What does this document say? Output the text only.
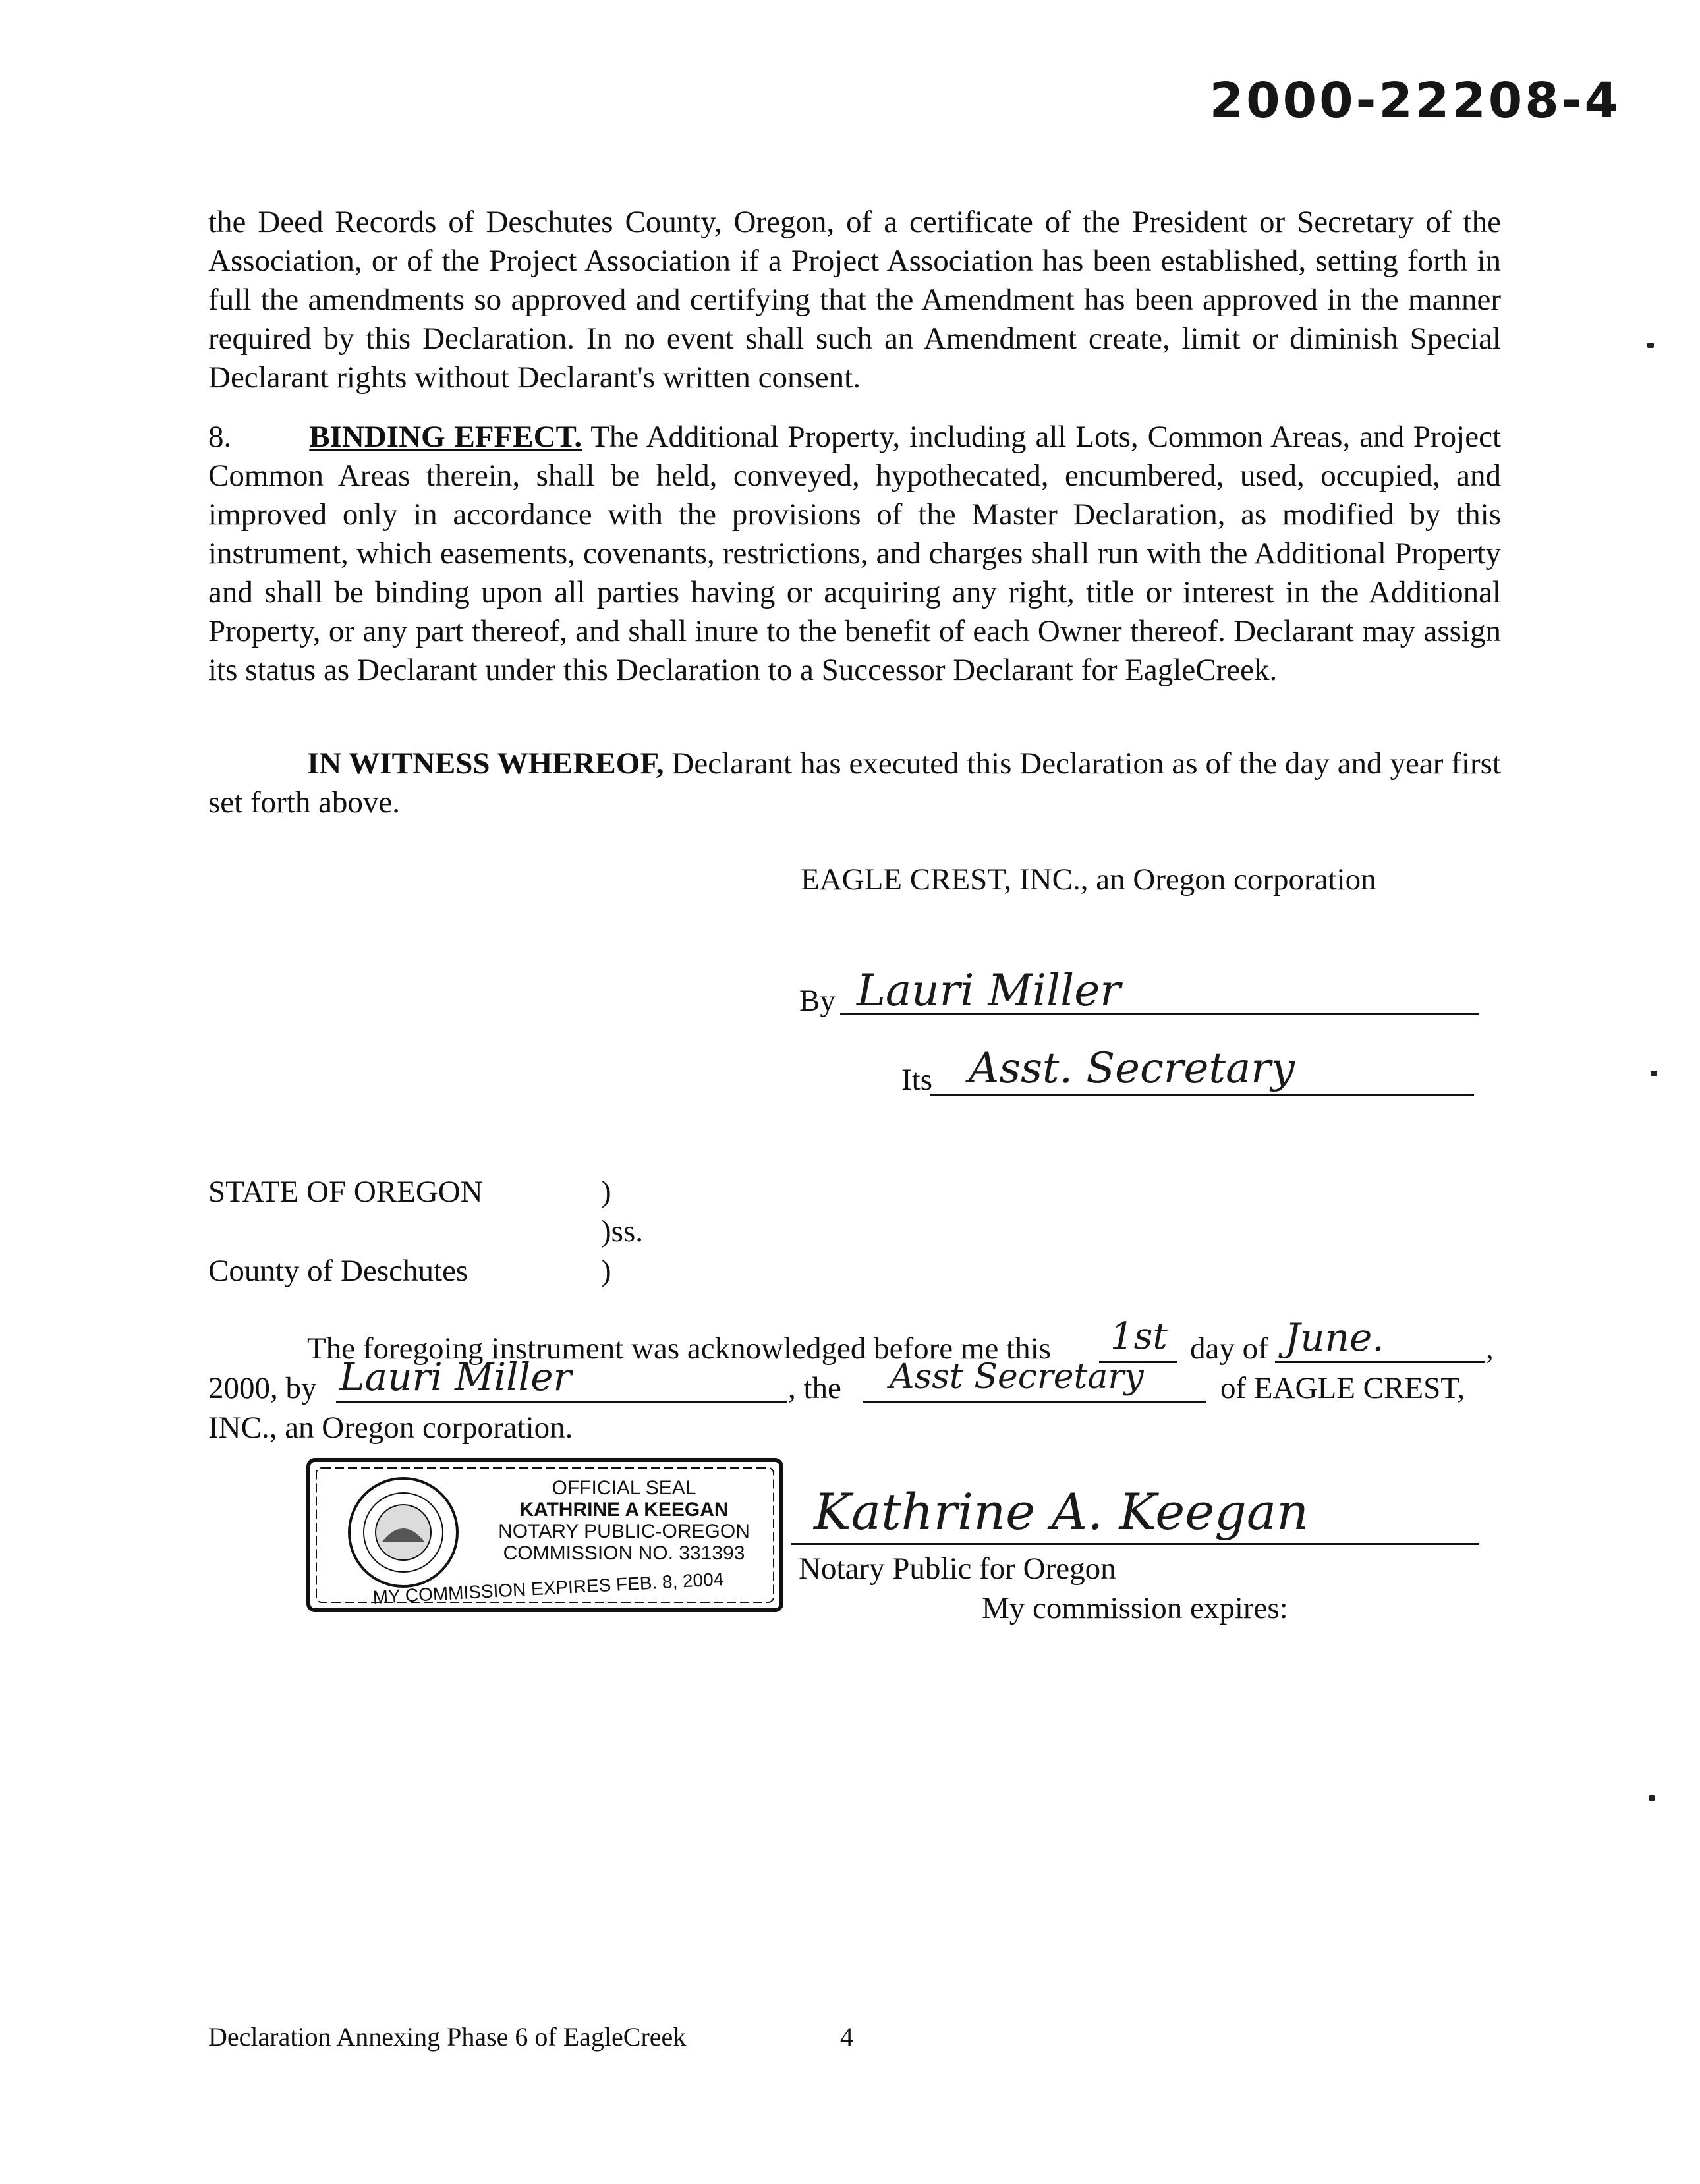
2000-22208-4

the Deed Records of Deschutes County, Oregon, of a certificate of the President or Secretary of the Association, or of the Project Association if a Project Association has been established, setting forth in full the amendments so approved and certifying that the Amendment has been approved in the manner required by this Declaration. In no event shall such an Amendment create, limit or diminish Special Declarant rights without Declarant's written consent.

8.	BINDING EFFECT. The Additional Property, including all Lots, Common Areas, and Project Common Areas therein, shall be held, conveyed, hypothecated, encumbered, used, occupied, and improved only in accordance with the provisions of the Master Declaration, as modified by this instrument, which easements, covenants, restrictions, and charges shall run with the Additional Property and shall be binding upon all parties having or acquiring any right, title or interest in the Additional Property, or any part thereof, and shall inure to the benefit of each Owner thereof. Declarant may assign its status as Declarant under this Declaration to a Successor Declarant for EagleCreek.

IN WITNESS WHEREOF, Declarant has executed this Declaration as of the day and year first set forth above.

EAGLE CREST, INC., an Oregon corporation
By Lauri Miller
Its Asst. Secretary
STATE OF OREGON	)
)ss.
County of Deschutes	)
The foregoing instrument was acknowledged before me this 1st day of June.	,
2000, by Lauri Miller	, the Asst Secretary of EAGLE CREST,
INC., an Oregon corporation.
OFFICIAL SEAL
KATHRINE A KEEGAN
NOTARY PUBLIC-OREGON
COMMISSION NO. 331393
MY COMMISSION EXPIRES FEB. 8, 2004
Kathrine A. Keegan
Notary Public for Oregon
My commission expires:
Declaration Annexing Phase 6 of EagleCreek	4
